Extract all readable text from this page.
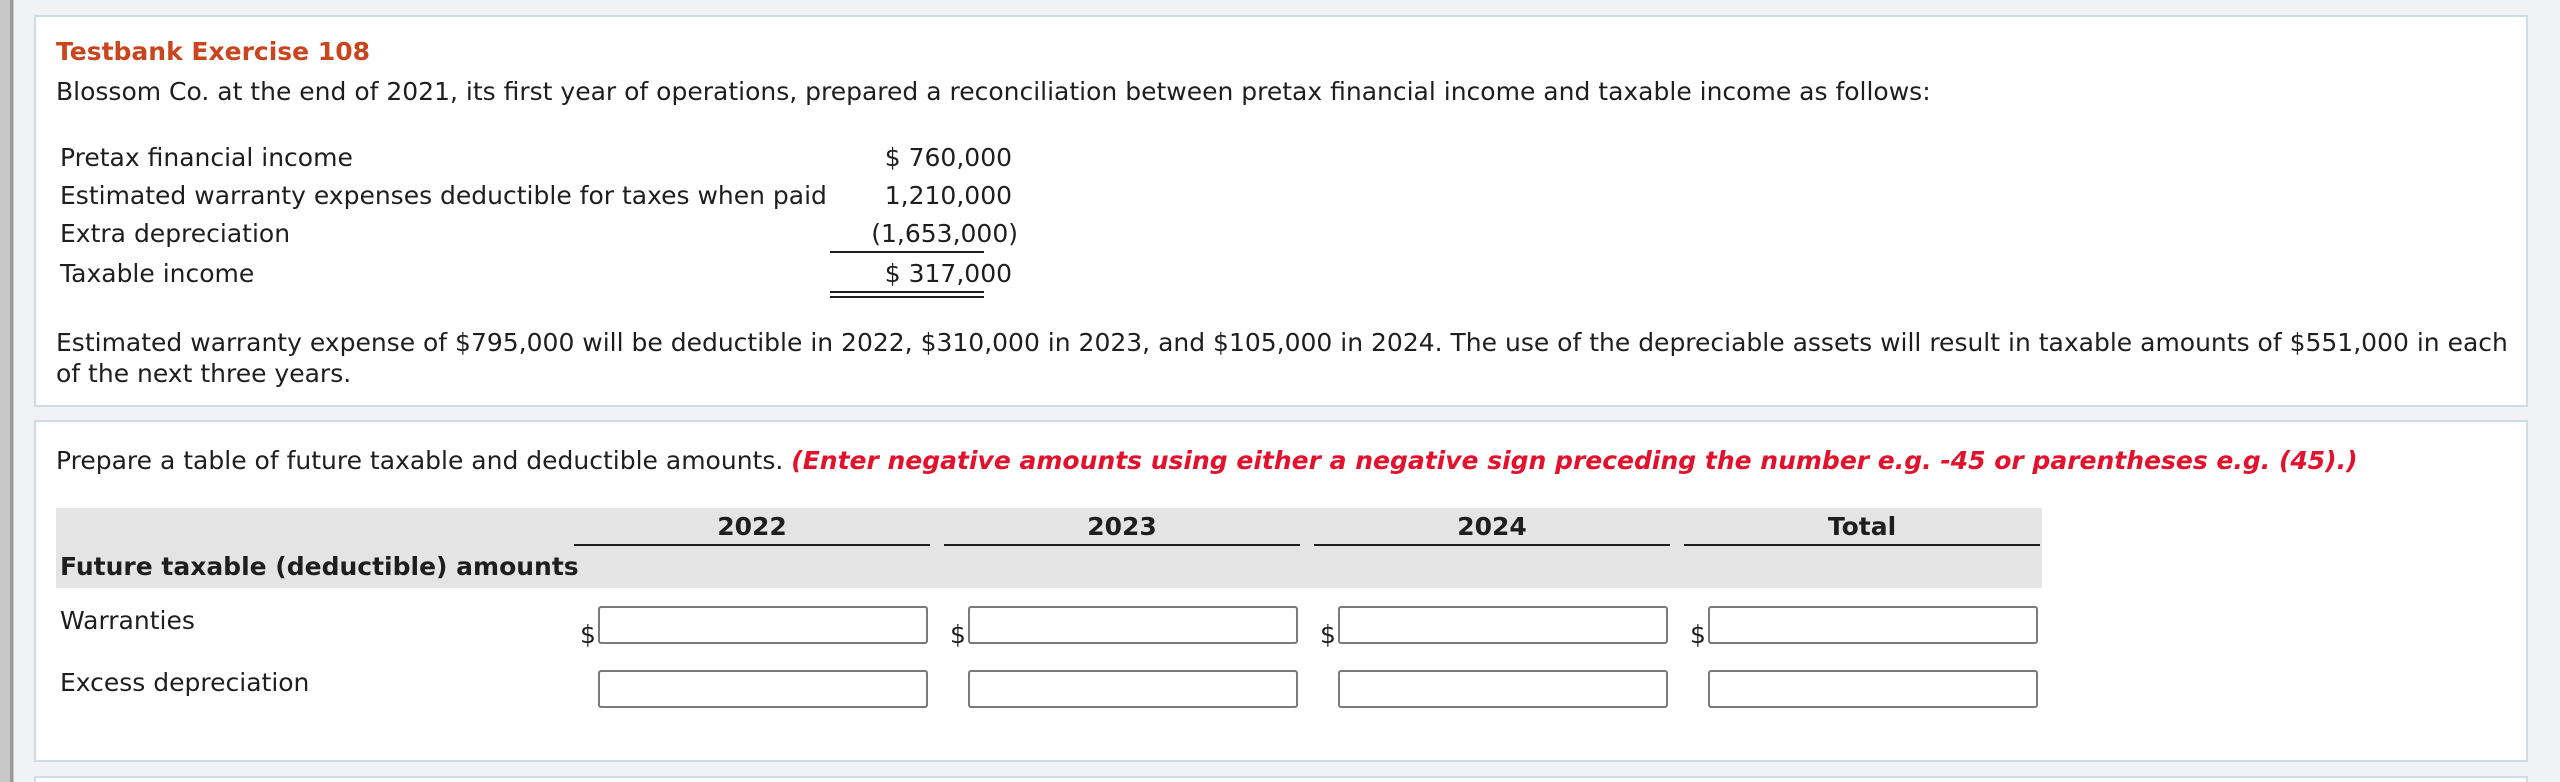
Testbank Exercise 108
Blossom Co. at the end of 2021, its first year of operations, prepared a reconciliation between pretax financial income and taxable income as follows:
Pretax financial income	$ 760,000
Estimated warranty expenses deductible for taxes when paid	1,210,000
Extra depreciation	(1,653,000)
Taxable income	$ 317,000
Estimated warranty expense of $795,000 will be deductible in 2022, $310,000 in 2023, and $105,000 in 2024. The use of the depreciable assets will result in taxable amounts of $551,000 in each of the next three years.
Prepare a table of future taxable and deductible amounts. (Enter negative amounts using either a negative sign preceding the number e.g. -45 or parentheses e.g. (45).)
2022	2023	2024	Total
Future taxable (deductible) amounts
Warranties	$	$	$	$
Excess depreciation
